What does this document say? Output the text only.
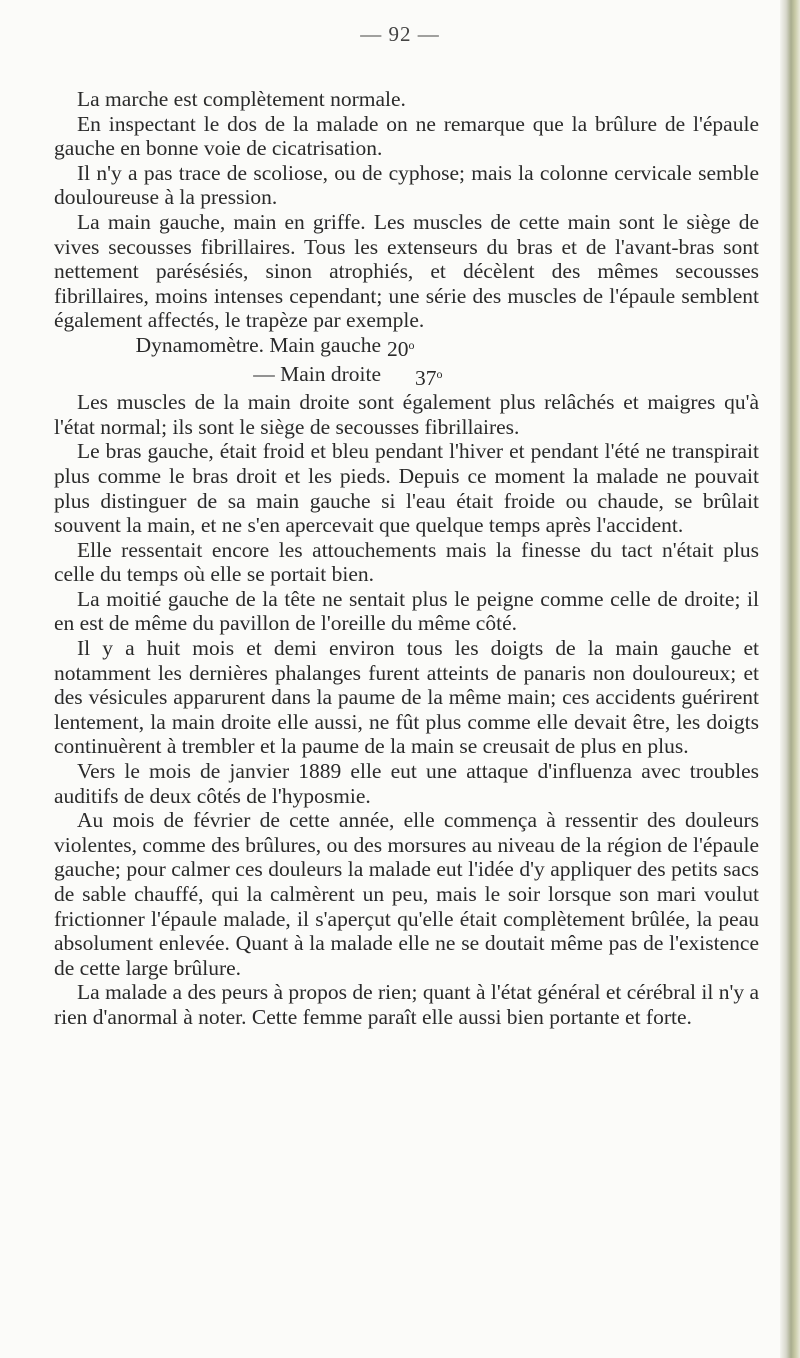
— 92 —

La marche est complètement normale.

En inspectant le dos de la malade on ne remarque que la brûlure de l'épaule gauche en bonne voie de cicatrisation.

Il n'y a pas trace de scoliose, ou de cyphose; mais la colonne cervicale semble douloureuse à la pression.

La main gauche, main en griffe. Les muscles de cette main sont le siège de vives secousses fibrillaires. Tous les extenseurs du bras et de l'avant-bras sont nettement parésésiés, sinon atrophiés, et décèlent des mêmes secousses fibrillaires, moins intenses cependant; une série des muscles de l'épaule semblent également affectés, le trapèze par exemple.

Dynamomètre. Main gauche 20$^o$
— Main droite	37$^o$

Les muscles de la main droite sont également plus relâchés et maigres qu'à l'état normal; ils sont le siège de secousses fibrillaires.

Le bras gauche, était froid et bleu pendant l'hiver et pendant l'été ne transpirait plus comme le bras droit et les pieds. Depuis ce moment la malade ne pouvait plus distinguer de sa main gauche si l'eau était froide ou chaude, se brûlait souvent la main, et ne s'en apercevait que quelque temps après l'accident.

Elle ressentait encore les attouchements mais la finesse du tact n'était plus celle du temps où elle se portait bien.

La moitié gauche de la tête ne sentait plus le peigne comme celle de droite; il en est de même du pavillon de l'oreille du même côté.

Il y a huit mois et demi environ tous les doigts de la main gauche et notamment les dernières phalanges furent atteints de panaris non douloureux; et des vésicules apparurent dans la paume de la même main; ces accidents guérirent lentement, la main droite elle aussi, ne fût plus comme elle devait être, les doigts continuèrent à trembler et la paume de la main se creusait de plus en plus.

Vers le mois de janvier 1889 elle eut une attaque d'influenza avec troubles auditifs de deux côtés de l'hyposmie.

Au mois de février de cette année, elle commença à ressentir des douleurs violentes, comme des brûlures, ou des morsures au niveau de la région de l'épaule gauche; pour calmer ces douleurs la malade eut l'idée d'y appliquer des petits sacs de sable chauffé, qui la calmèrent un peu, mais le soir lorsque son mari voulut frictionner l'épaule malade, il s'aperçut qu'elle était complètement brûlée, la peau absolument enlevée. Quant à la malade elle ne se doutait même pas de l'existence de cette large brûlure.

La malade a des peurs à propos de rien; quant à l'état général et cérébral il n'y a rien d'anormal à noter. Cette femme paraît elle aussi bien portante et forte.
